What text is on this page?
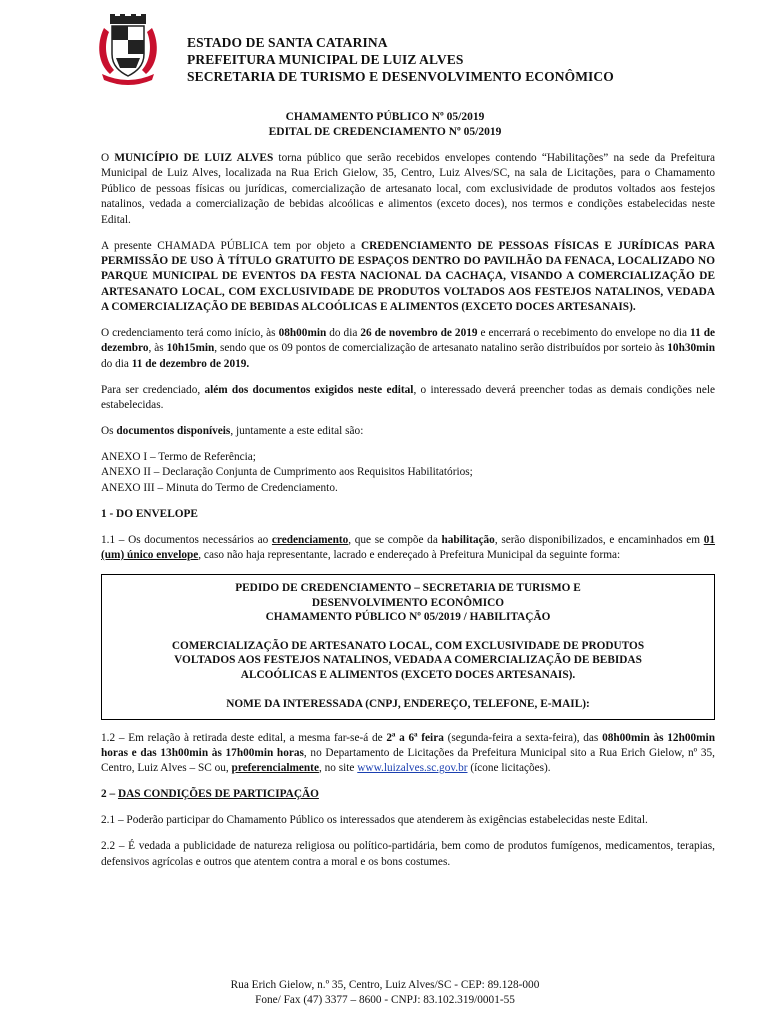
ESTADO DE SANTA CATARINA
PREFEITURA MUNICIPAL DE LUIZ ALVES
SECRETARIA DE TURISMO E DESENVOLVIMENTO ECONÔMICO
CHAMAMENTO PÚBLICO Nº 05/2019
EDITAL DE CREDENCIAMENTO Nº 05/2019

O MUNICÍPIO DE LUIZ ALVES torna público que serão recebidos envelopes contendo “Habilitações” na sede da Prefeitura Municipal de Luiz Alves, localizada na Rua Erich Gielow, 35, Centro, Luiz Alves/SC, na sala de Licitações, para o Chamamento Público de pessoas físicas ou jurídicas, comercialização de artesanato local, com exclusividade de produtos voltados aos festejos natalinos, vedada a comercialização de bebidas alcoólicas e alimentos (exceto doces), nos termos e condições estabelecidas neste Edital.

A presente CHAMADA PÚBLICA tem por objeto a CREDENCIAMENTO DE PESSOAS FÍSICAS E JURÍDICAS PARA PERMISSÃO DE USO À TÍTULO GRATUITO DE ESPAÇOS DENTRO DO PAVILHÃO DA FENACA, LOCALIZADO NO PARQUE MUNICIPAL DE EVENTOS DA FESTA NACIONAL DA CACHAÇA, VISANDO A COMERCIALIZAÇÃO DE ARTESANATO LOCAL, COM EXCLUSIVIDADE DE PRODUTOS VOLTADOS AOS FESTEJOS NATALINOS, VEDADA A COMERCIALIZAÇÃO DE BEBIDAS ALCOÓLICAS E ALIMENTOS (EXCETO DOCES ARTESANAIS).

O credenciamento terá como início, às 08h00min do dia 26 de novembro de 2019 e encerrará o recebimento do envelope no dia 11 de dezembro, às 10h15min, sendo que os 09 pontos de comercialização de artesanato natalino serão distribuídos por sorteio às 10h30min do dia 11 de dezembro de 2019.

Para ser credenciado, além dos documentos exigidos neste edital, o interessado deverá preencher todas as demais condições nele estabelecidas.

Os documentos disponíveis, juntamente a este edital são:

ANEXO I – Termo de Referência;
ANEXO II – Declaração Conjunta de Cumprimento aos Requisitos Habilitatórios;
ANEXO III – Minuta do Termo de Credenciamento.
1 - DO ENVELOPE

1.1 – Os documentos necessários ao credenciamento, que se compõe da habilitação, serão disponibilizados, e encaminhados em 01 (um) único envelope, caso não haja representante, lacrado e endereçado à Prefeitura Municipal da seguinte forma:

PEDIDO DE CREDENCIAMENTO – SECRETARIA DE TURISMO E
DESENVOLVIMENTO ECONÔMICO
CHAMAMENTO PÚBLICO Nº 05/2019 / HABILITAÇÃO
COMERCIALIZAÇÃO DE ARTESANATO LOCAL, COM EXCLUSIVIDADE DE PRODUTOS
VOLTADOS AOS FESTEJOS NATALINOS, VEDADA A COMERCIALIZAÇÃO DE BEBIDAS
ALCOÓLICAS E ALIMENTOS (EXCETO DOCES ARTESANAIS).
NOME DA INTERESSADA (CNPJ, ENDEREÇO, TELEFONE, E-MAIL):

1.2 – Em relação à retirada deste edital, a mesma far-se-á de 2ª a 6ª feira (segunda-feira a sexta-feira), das 08h00min às 12h00min horas e das 13h00min às 17h00min horas, no Departamento de Licitações da Prefeitura Municipal sito a Rua Erich Gielow, nº 35, Centro, Luiz Alves – SC ou, preferencialmente, no site www.luizalves.sc.gov.br (ícone licitações).

2 – DAS CONDIÇÕES DE PARTICIPAÇÃO

2.1 – Poderão participar do Chamamento Público os interessados que atenderem às exigências estabelecidas neste Edital.

2.2 – É vedada a publicidade de natureza religiosa ou político-partidária, bem como de produtos fumígenos, medicamentos, terapias, defensivos agrícolas e outros que atentem contra a moral e os bons costumes.

Rua Erich Gielow, n.º 35, Centro, Luiz Alves/SC - CEP: 89.128-000
Fone/ Fax (47) 3377 – 8600 - CNPJ: 83.102.319/0001-55
